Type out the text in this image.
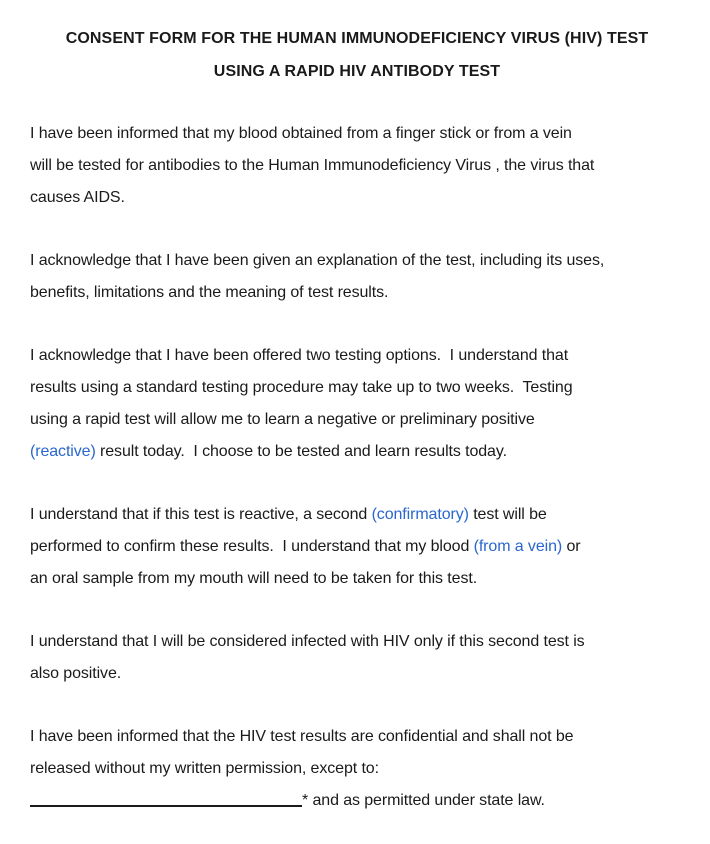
CONSENT FORM FOR THE HUMAN IMMUNODEFICIENCY VIRUS (HIV) TEST
USING A RAPID HIV ANTIBODY TEST

I have been informed that my blood obtained from a finger stick or from a vein
will be tested for antibodies to the Human Immunodeficiency Virus , the virus that
causes AIDS.

I acknowledge that I have been given an explanation of the test, including its uses,
benefits, limitations and the meaning of test results.

I acknowledge that I have been offered two testing options.  I understand that
results using a standard testing procedure may take up to two weeks.  Testing
using a rapid test will allow me to learn a negative or preliminary positive
(reactive) result today.  I choose to be tested and learn results today.

I understand that if this test is reactive, a second (confirmatory) test will be
performed to confirm these results.  I understand that my blood (from a vein) or
an oral sample from my mouth will need to be taken for this test.

I understand that I will be considered infected with HIV only if this second test is
also positive.

I have been informed that the HIV test results are confidential and shall not be
released without my written permission, except to:
* and as permitted under state law.
